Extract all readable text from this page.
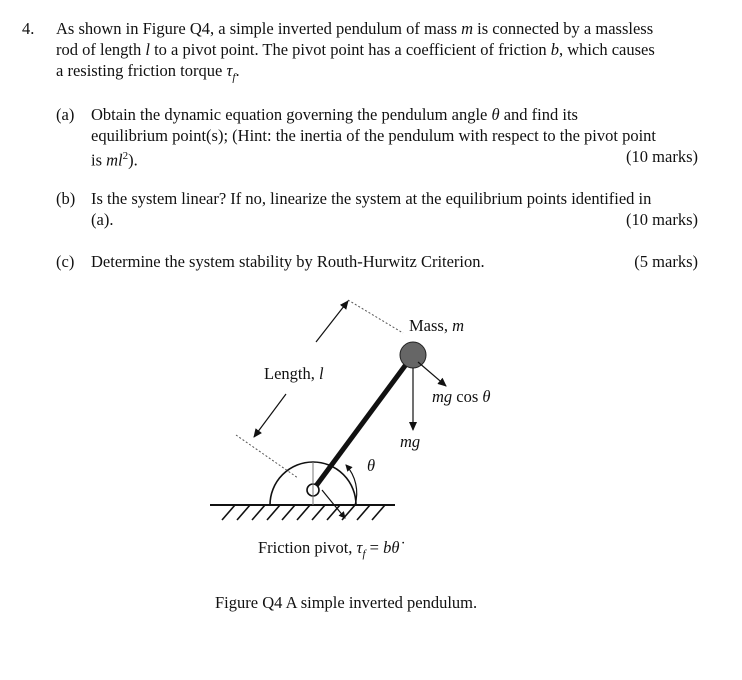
4. As shown in Figure Q4, a simple inverted pendulum of mass m is connected by a massless
rod of length l to a pivot point. The pivot point has a coefficient of friction b, which causes
a resisting friction torque $\tau_f$.
(a) Obtain the dynamic equation governing the pendulum angle θ and find its
equilibrium point(s); (Hint: the inertia of the pendulum with respect to the pivot point
is $ml^2$).	(10 marks)
(b) Is the system linear? If no, linearize the system at the equilibrium points identified in
(a).	(10 marks)
(c) Determine the system stability by Routh-Hurwitz Criterion.	(5 marks)
Mass, m
Length, l
mg cos θ
mg
θ
Friction pivot, $\tau_f$ = bθ̇
Figure Q4 A simple inverted pendulum.
